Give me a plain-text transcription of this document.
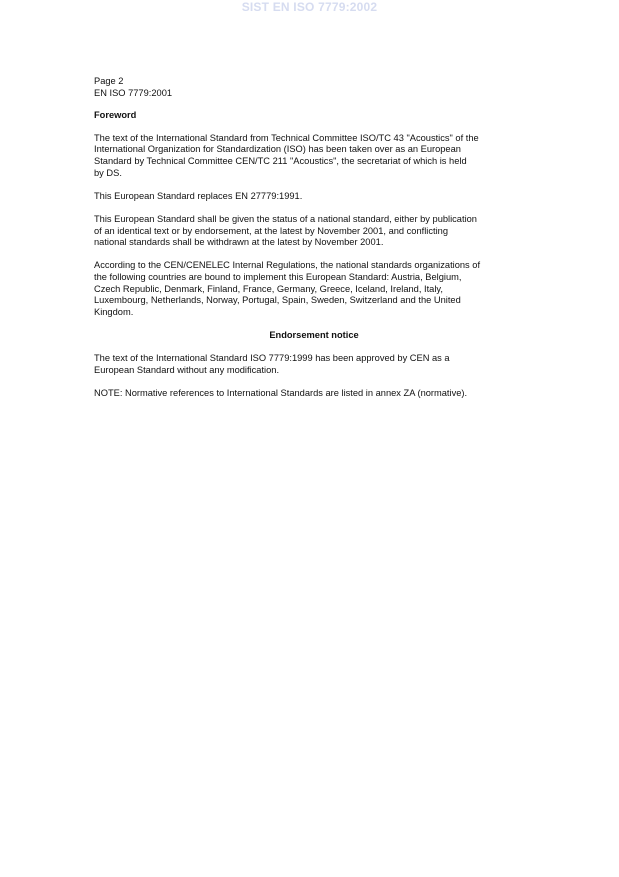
SIST EN ISO 7779:2002
Page 2
EN ISO 7779:2001
Foreword
The text of the International Standard from Technical Committee ISO/TC 43 "Acoustics" of the
International Organization for Standardization (ISO) has been taken over as an European
Standard by Technical Committee CEN/TC 211 "Acoustics", the secretariat of which is held
by DS.
This European Standard replaces EN 27779:1991.
This European Standard shall be given the status of a national standard, either by publication
of an identical text or by endorsement, at the latest by November 2001, and conflicting
national standards shall be withdrawn at the latest by November 2001.
According to the CEN/CENELEC Internal Regulations, the national standards organizations of
the following countries are bound to implement this European Standard: Austria, Belgium,
Czech Republic, Denmark, Finland, France, Germany, Greece, Iceland, Ireland, Italy,
Luxembourg, Netherlands, Norway, Portugal, Spain, Sweden, Switzerland and the United
Kingdom.
Endorsement notice
The text of the International Standard ISO 7779:1999 has been approved by CEN as a
European Standard without any modification.
NOTE: Normative references to International Standards are listed in annex ZA (normative).
